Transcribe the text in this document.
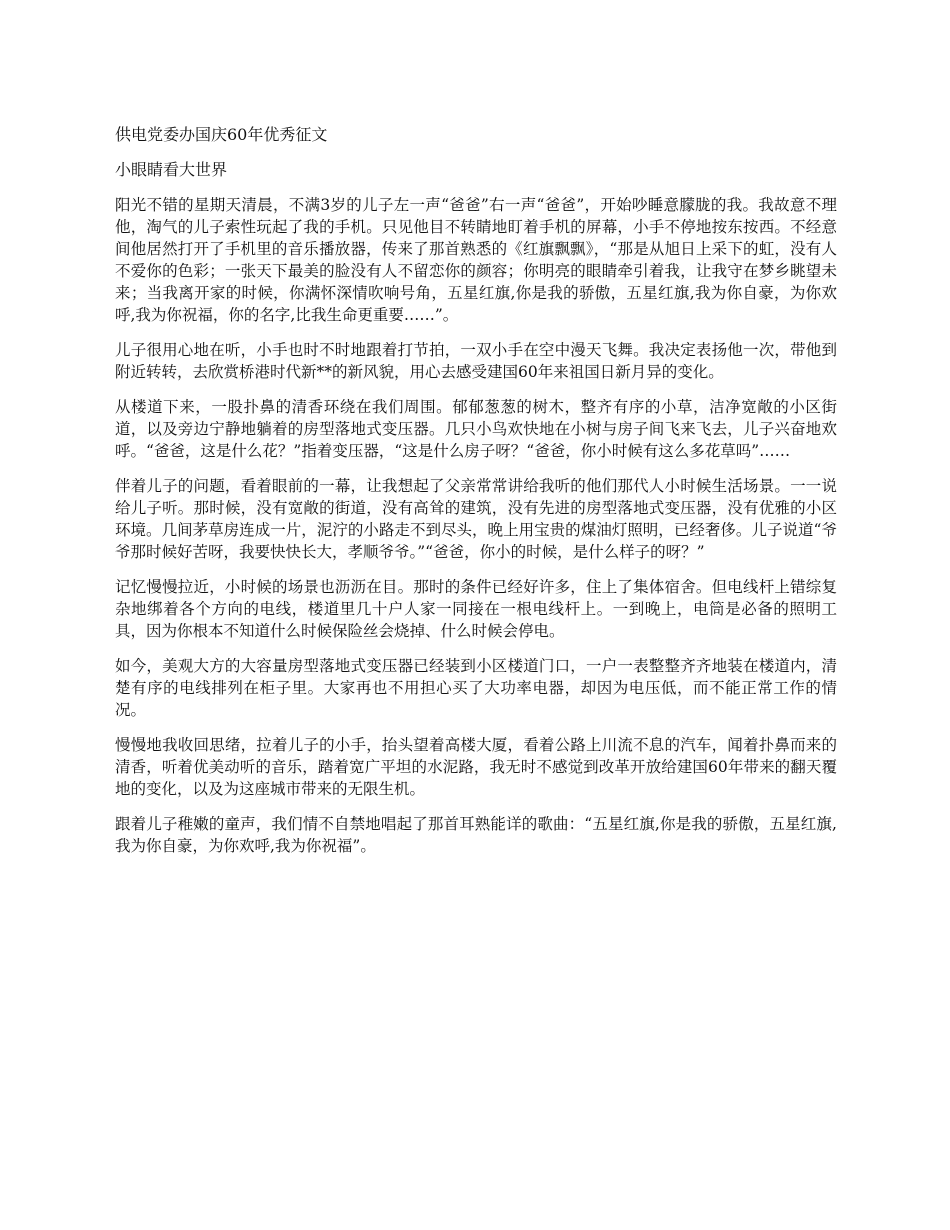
供电党委办国庆60年优秀征文
小眼睛看大世界

阳光不错的星期天清晨，不满3岁的儿子左一声“爸爸”右一声“爸爸”，开始吵睡意朦胧的我。我故意不理他，淘气的儿子索性玩起了我的手机。只见他目不转睛地盯着手机的屏幕，小手不停地按东按西。不经意间他居然打开了手机里的音乐播放器，传来了那首熟悉的《红旗飘飘》，“那是从旭日上采下的虹，没有人不爱你的色彩；一张天下最美的脸没有人不留恋你的颜容；你明亮的眼睛牵引着我，让我守在梦乡眺望未来；当我离开家的时候，你满怀深情吹响号角，五星红旗,你是我的骄傲，五星红旗,我为你自豪，为你欢呼,我为你祝福，你的名字,比我生命更重要……”。

儿子很用心地在听，小手也时不时地跟着打节拍，一双小手在空中漫天飞舞。我决定表扬他一次，带他到附近转转，去欣赏桥港时代新**的新风貌，用心去感受建国60年来祖国日新月异的变化。

从楼道下来，一股扑鼻的清香环绕在我们周围。郁郁葱葱的树木，整齐有序的小草，洁净宽敞的小区街道，以及旁边宁静地躺着的房型落地式变压器。几只小鸟欢快地在小树与房子间飞来飞去，儿子兴奋地欢呼。“爸爸，这是什么花？”指着变压器，“这是什么房子呀？“爸爸，你小时候有这么多花草吗”……

伴着儿子的问题，看着眼前的一幕，让我想起了父亲常常讲给我听的他们那代人小时候生活场景。一一说给儿子听。那时候，没有宽敞的街道，没有高耸的建筑，没有先进的房型落地式变压器，没有优雅的小区环境。几间茅草房连成一片，泥泞的小路走不到尽头，晚上用宝贵的煤油灯照明，已经奢侈。儿子说道“爷爷那时候好苦呀，我要快快长大，孝顺爷爷。”“爸爸，你小的时候，是什么样子的呀？”

记忆慢慢拉近，小时候的场景也沥沥在目。那时的条件已经好许多，住上了集体宿舍。但电线杆上错综复杂地绑着各个方向的电线，楼道里几十户人家一同接在一根电线杆上。一到晚上，电筒是必备的照明工具，因为你根本不知道什么时候保险丝会烧掉、什么时候会停电。

如今，美观大方的大容量房型落地式变压器已经装到小区楼道门口，一户一表整整齐齐地装在楼道内，清楚有序的电线排列在柜子里。大家再也不用担心买了大功率电器，却因为电压低，而不能正常工作的情况。

慢慢地我收回思绪，拉着儿子的小手，抬头望着高楼大厦，看着公路上川流不息的汽车，闻着扑鼻而来的清香，听着优美动听的音乐，踏着宽广平坦的水泥路，我无时不感觉到改革开放给建国60年带来的翻天覆地的变化，以及为这座城市带来的无限生机。

跟着儿子稚嫩的童声，我们情不自禁地唱起了那首耳熟能详的歌曲：“五星红旗,你是我的骄傲，五星红旗,我为你自豪，为你欢呼,我为你祝福”。
